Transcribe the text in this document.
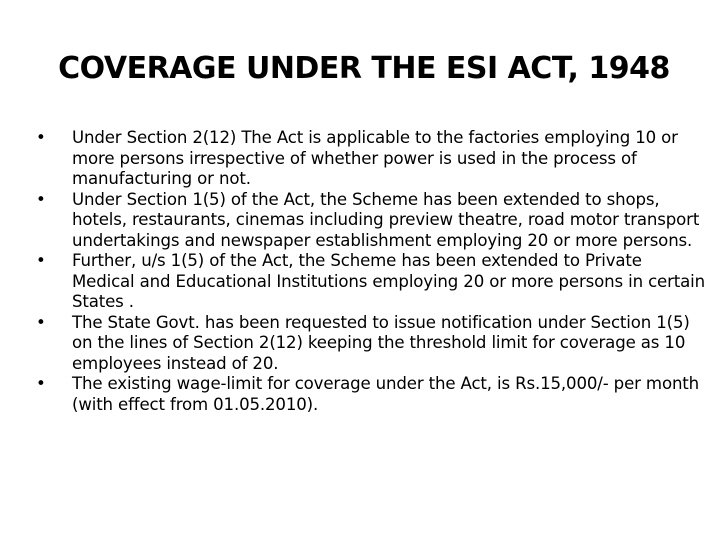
COVERAGE UNDER THE ESI ACT, 1948
• Under Section 2(12) The Act is applicable to the factories employing 10 or more persons irrespective of whether power is used in the process of manufacturing or not.
• Under Section 1(5) of the Act, the Scheme has been extended to shops, hotels, restaurants, cinemas including preview theatre, road motor transport undertakings and newspaper establishment employing 20 or more persons.
• Further, u/s 1(5) of the Act, the Scheme has been extended to Private Medical and Educational Institutions employing 20 or more persons in certain States .
• The State Govt. has been requested to issue notification under Section 1(5) on the lines of Section 2(12) keeping the threshold limit for coverage as 10 employees instead of 20.
• The existing wage-limit for coverage under the Act, is Rs.15,000/- per month (with effect from 01.05.2010).
